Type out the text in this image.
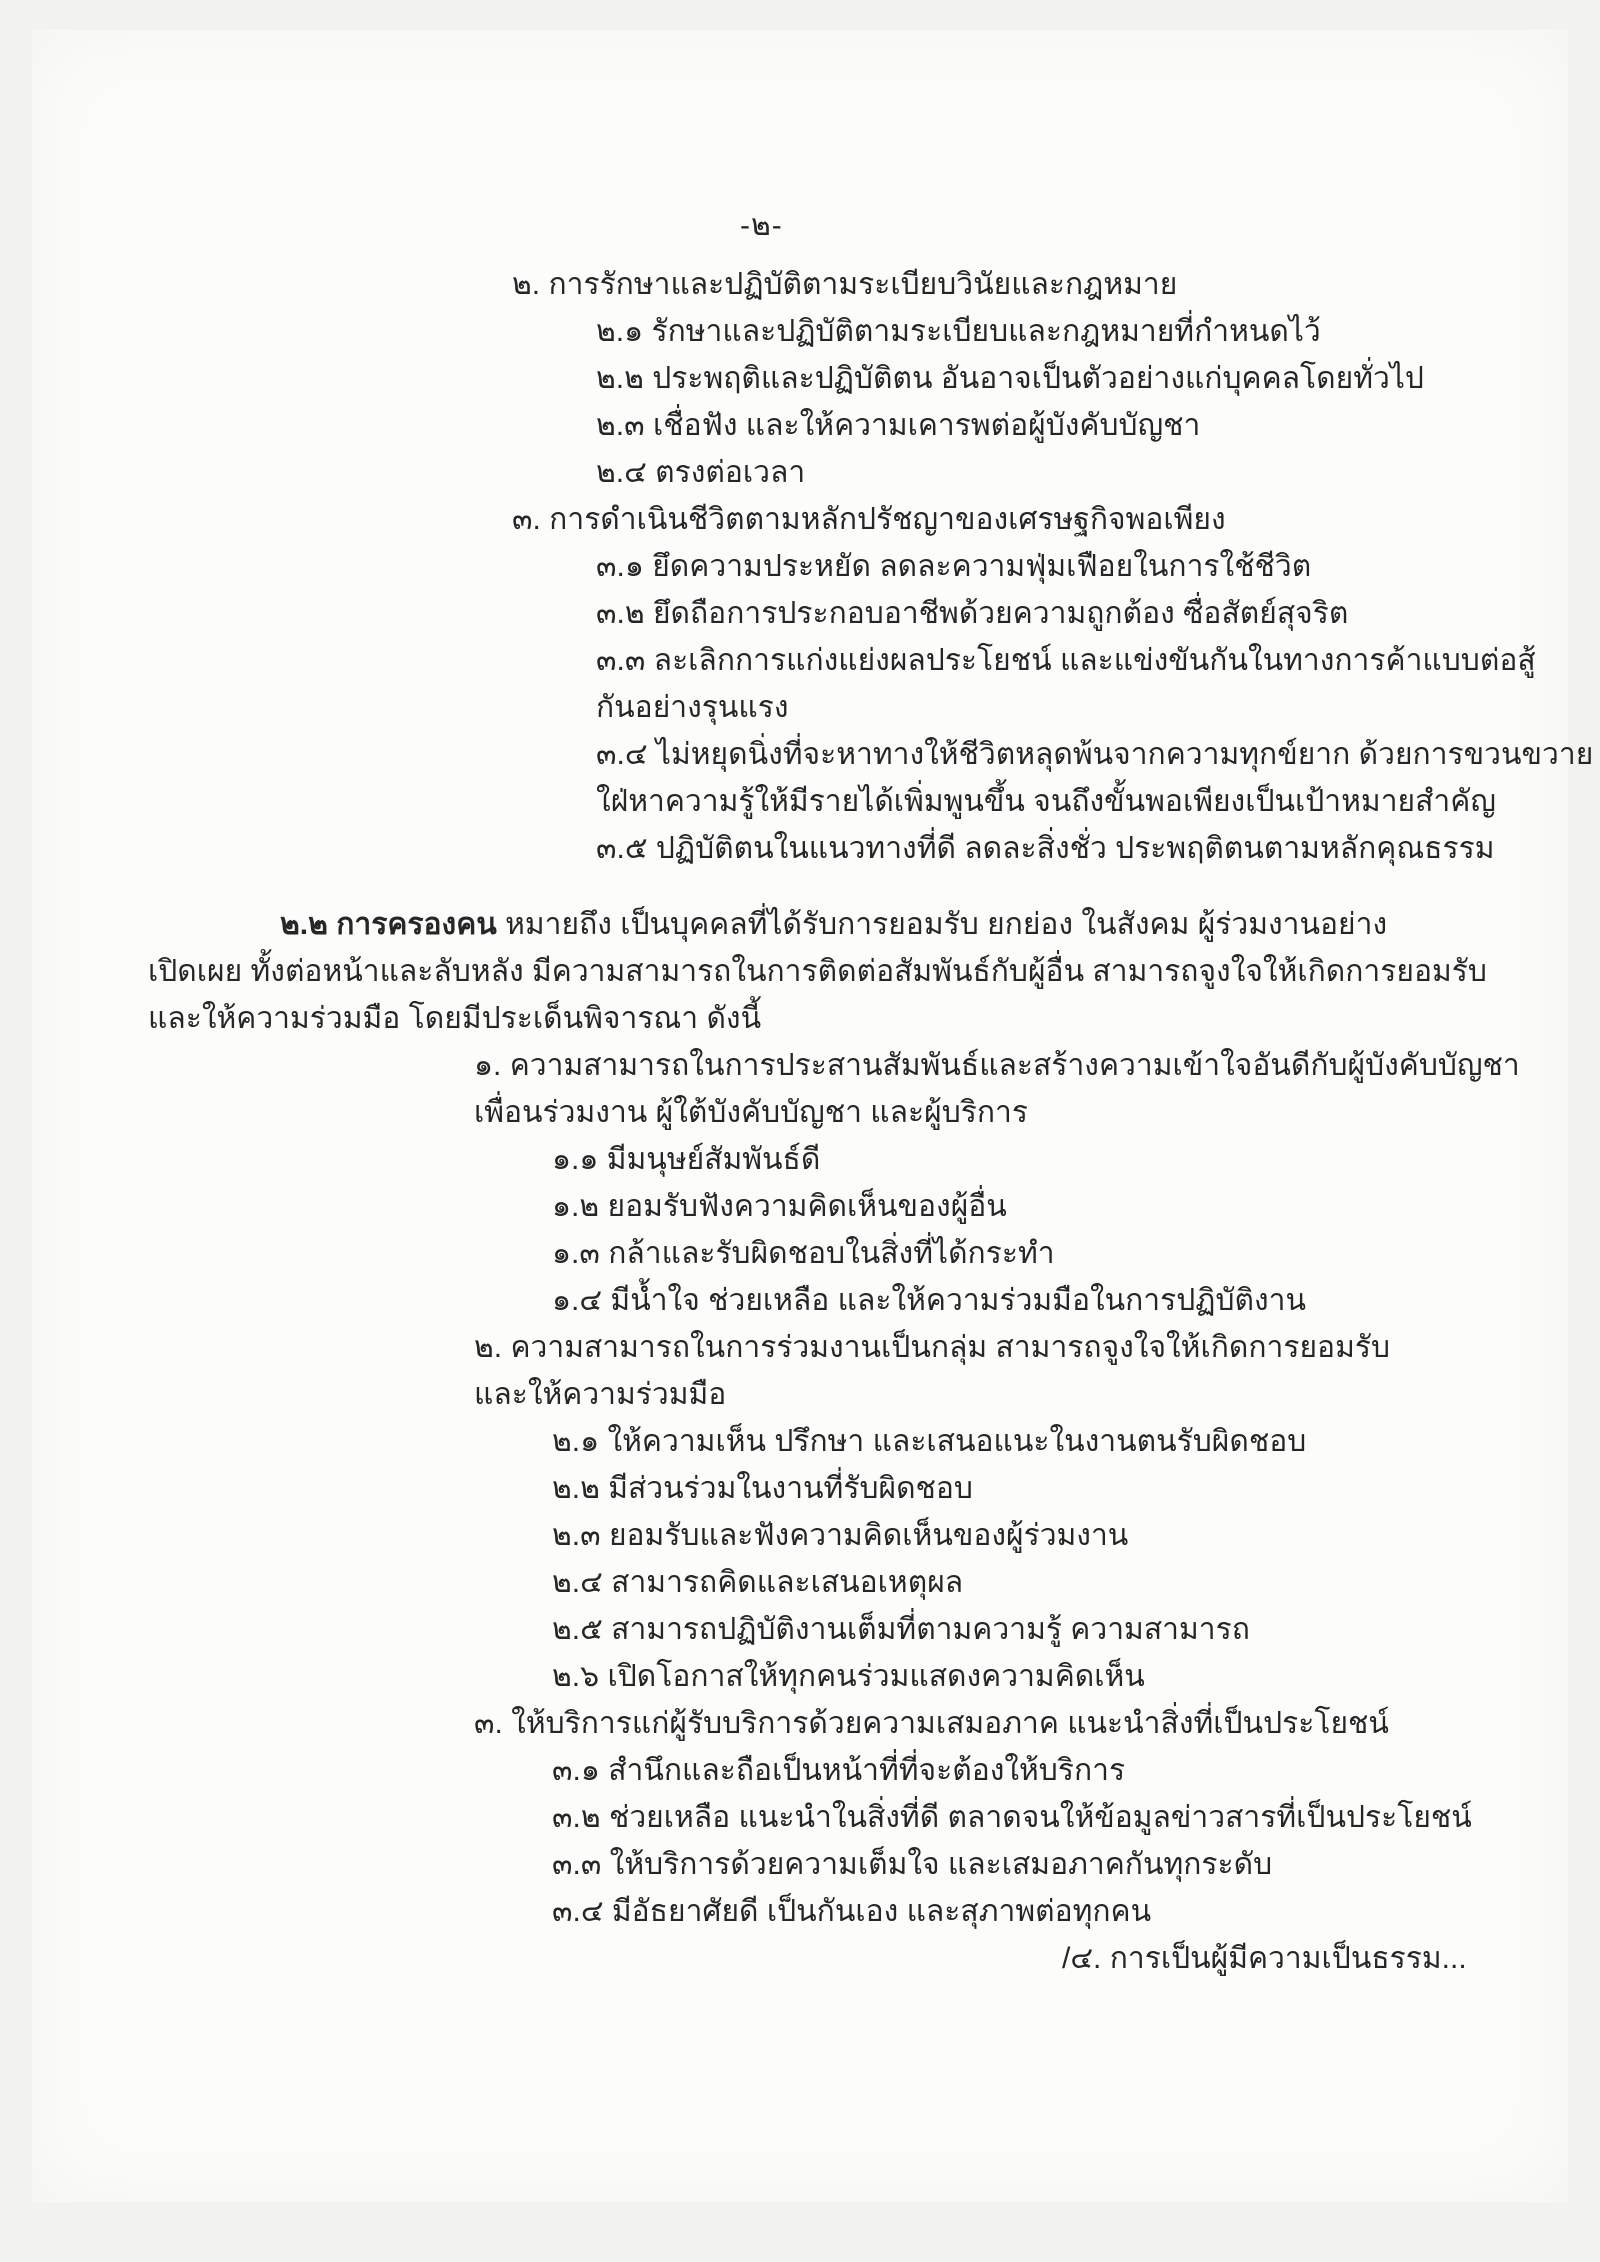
-๒-
๒. การรักษาและปฏิบัติตามระเบียบวินัยและกฎหมาย
๒.๑ รักษาและปฏิบัติตามระเบียบและกฎหมายที่กำหนดไว้
๒.๒ ประพฤติและปฏิบัติตน อันอาจเป็นตัวอย่างแก่บุคคลโดยทั่วไป
๒.๓ เชื่อฟัง และให้ความเคารพต่อผู้บังคับบัญชา
๒.๔ ตรงต่อเวลา
๓. การดำเนินชีวิตตามหลักปรัชญาของเศรษฐกิจพอเพียง
๓.๑ ยึดความประหยัด ลดละความฟุ่มเฟือยในการใช้ชีวิต
๓.๒ ยึดถือการประกอบอาชีพด้วยความถูกต้อง ซื่อสัตย์สุจริต
๓.๓ ละเลิกการแก่งแย่งผลประโยชน์ และแข่งขันกันในทางการค้าแบบต่อสู้
กันอย่างรุนแรง
๓.๔ ไม่หยุดนิ่งที่จะหาทางให้ชีวิตหลุดพ้นจากความทุกข์ยาก ด้วยการขวนขวาย
ใฝ่หาความรู้ให้มีรายได้เพิ่มพูนขึ้น จนถึงขั้นพอเพียงเป็นเป้าหมายสำคัญ
๓.๕ ปฏิบัติตนในแนวทางที่ดี ลดละสิ่งชั่ว ประพฤติตนตามหลักคุณธรรม
๒.๒ การครองคน หมายถึง เป็นบุคคลที่ได้รับการยอมรับ ยกย่อง ในสังคม ผู้ร่วมงานอย่าง
เปิดเผย ทั้งต่อหน้าและลับหลัง มีความสามารถในการติดต่อสัมพันธ์กับผู้อื่น สามารถจูงใจให้เกิดการยอมรับ
และให้ความร่วมมือ โดยมีประเด็นพิจารณา ดังนี้
๑. ความสามารถในการประสานสัมพันธ์และสร้างความเข้าใจอันดีกับผู้บังคับบัญชา
เพื่อนร่วมงาน ผู้ใต้บังคับบัญชา และผู้บริการ
๑.๑ มีมนุษย์สัมพันธ์ดี
๑.๒ ยอมรับฟังความคิดเห็นของผู้อื่น
๑.๓ กล้าและรับผิดชอบในสิ่งที่ได้กระทำ
๑.๔ มีน้ำใจ ช่วยเหลือ และให้ความร่วมมือในการปฏิบัติงาน
๒. ความสามารถในการร่วมงานเป็นกลุ่ม สามารถจูงใจให้เกิดการยอมรับ
และให้ความร่วมมือ
๒.๑ ให้ความเห็น ปรึกษา และเสนอแนะในงานตนรับผิดชอบ
๒.๒ มีส่วนร่วมในงานที่รับผิดชอบ
๒.๓ ยอมรับและฟังความคิดเห็นของผู้ร่วมงาน
๒.๔ สามารถคิดและเสนอเหตุผล
๒.๕ สามารถปฏิบัติงานเต็มที่ตามความรู้ ความสามารถ
๒.๖ เปิดโอกาสให้ทุกคนร่วมแสดงความคิดเห็น
๓. ให้บริการแก่ผู้รับบริการด้วยความเสมอภาค แนะนำสิ่งที่เป็นประโยชน์
๓.๑ สำนึกและถือเป็นหน้าที่ที่จะต้องให้บริการ
๓.๒ ช่วยเหลือ แนะนำในสิ่งที่ดี ตลาดจนให้ข้อมูลข่าวสารที่เป็นประโยชน์
๓.๓ ให้บริการด้วยความเต็มใจ และเสมอภาคกันทุกระดับ
๓.๔ มีอัธยาศัยดี เป็นกันเอง และสุภาพต่อทุกคน
/๔. การเป็นผู้มีความเป็นธรรม...
